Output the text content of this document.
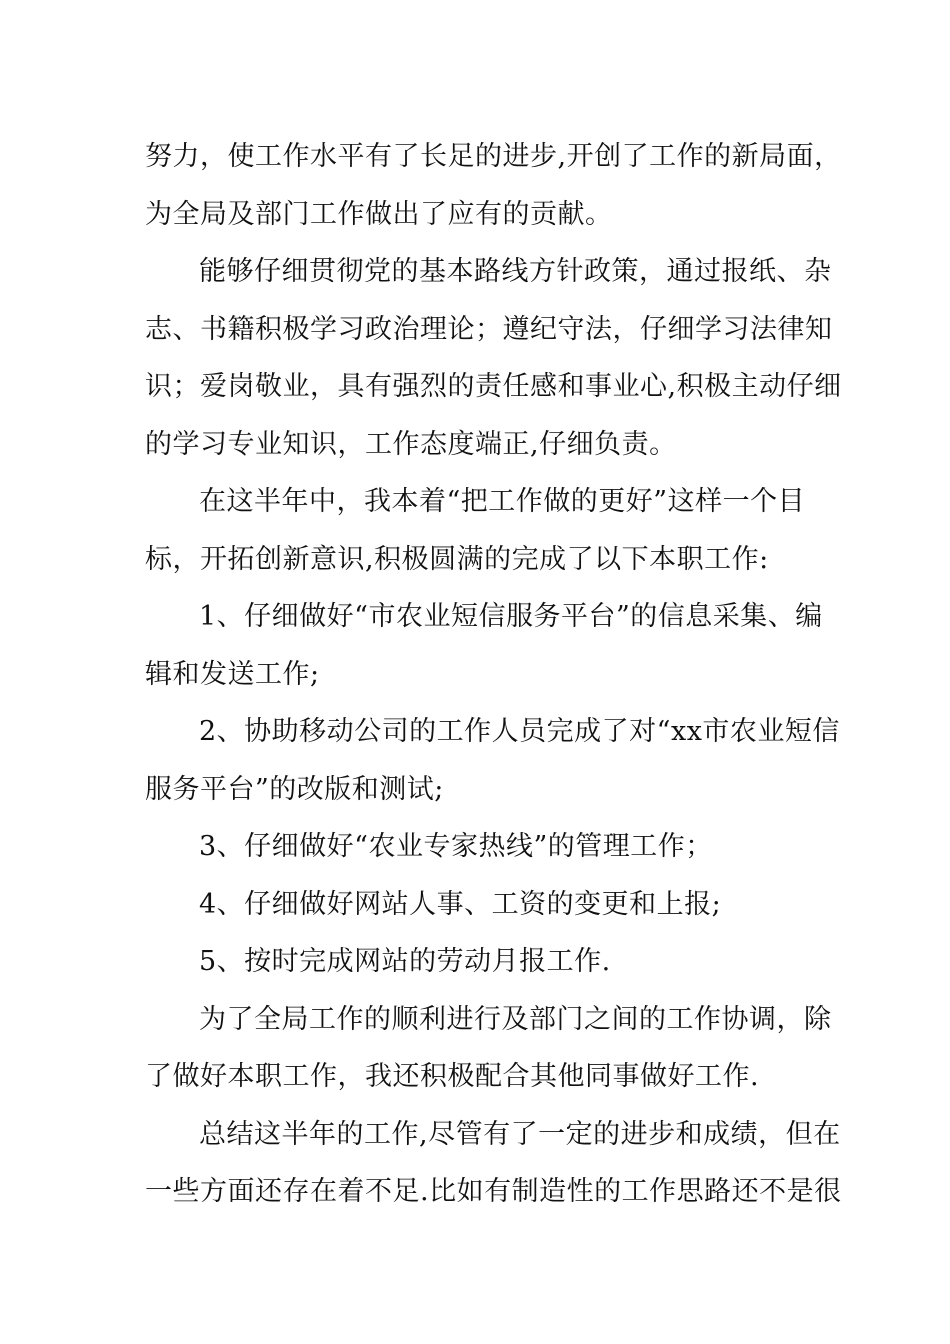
努力，使工作水平有了长足的进步,开创了工作的新局面，
为全局及部门工作做出了应有的贡献。
能够仔细贯彻党的基本路线方针政策，通过报纸、杂
志、书籍积极学习政治理论；遵纪守法，仔细学习法律知
识；爱岗敬业，具有强烈的责任感和事业心,积极主动仔细
的学习专业知识，工作态度端正,仔细负责。
在这半年中，我本着“把工作做的更好”这样一个目
标，开拓创新意识,积极圆满的完成了以下本职工作:
1、仔细做好“市农业短信服务平台”的信息采集、编
辑和发送工作;
2、协助移动公司的工作人员完成了对“xx市农业短信
服务平台”的改版和测试;
3、仔细做好“农业专家热线”的管理工作；
4、仔细做好网站人事、工资的变更和上报;
5、按时完成网站的劳动月报工作.
为了全局工作的顺利进行及部门之间的工作协调，除
了做好本职工作，我还积极配合其他同事做好工作.
总结这半年的工作,尽管有了一定的进步和成绩，但在
一些方面还存在着不足.比如有制造性的工作思路还不是很
